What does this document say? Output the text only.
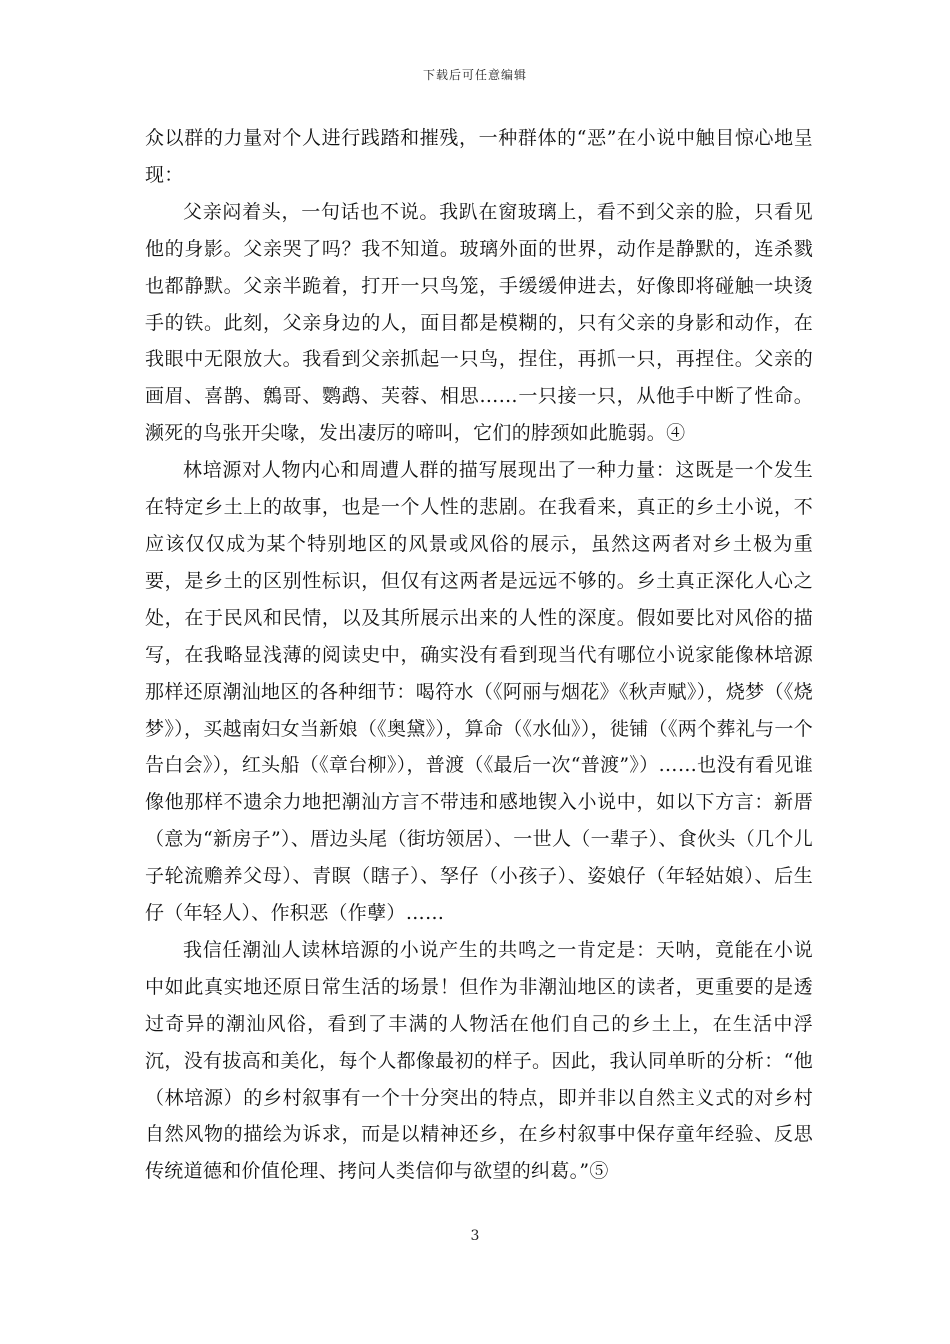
下载后可任意编辑

众以群的力量对个人进行践踏和摧残，一种群体的“恶”在小说中触目惊心地呈现：

父亲闷着头，一句话也不说。我趴在窗玻璃上，看不到父亲的脸，只看见他的身影。父亲哭了吗？我不知道。玻璃外面的世界，动作是静默的，连杀戮也都静默。父亲半跪着，打开一只鸟笼，手缓缓伸进去，好像即将碰触一块烫手的铁。此刻，父亲身边的人，面目都是模糊的，只有父亲的身影和动作，在我眼中无限放大。我看到父亲抓起一只鸟，捏住，再抓一只，再捏住。父亲的画眉、喜鹊、鷯哥、鹦鹉、芙蓉、相思……一只接一只，从他手中断了性命。濒死的鸟张开尖喙，发出凄厉的啼叫，它们的脖颈如此脆弱。④

林培源对人物内心和周遭人群的描写展现出了一种力量：这既是一个发生在特定乡土上的故事，也是一个人性的悲剧。在我看来，真正的乡土小说，不应该仅仅成为某个特别地区的风景或风俗的展示，虽然这两者对乡土极为重要，是乡土的区别性标识，但仅有这两者是远远不够的。乡土真正深化人心之处，在于民风和民情，以及其所展示出来的人性的深度。假如要比对风俗的描写，在我略显浅薄的阅读史中，确实没有看到现当代有哪位小说家能像林培源那样还原潮汕地区的各种细节：喝符水（《阿丽与烟花》《秋声赋》），烧梦（《烧梦》），买越南妇女当新娘（《奥黛》），算命（《水仙》），徙铺（《两个葬礼与一个告白会》），红头船（《章台柳》），普渡（《最后一次“普渡”》）……也没有看见谁像他那样不遗余力地把潮汕方言不带违和感地锲入小说中，如以下方言：新厝（意为“新房子”）、厝边头尾（街坊领居）、一世人（一辈子）、食伙头（几个儿子轮流赡养父母）、青瞑（瞎子）、孥仔（小孩子）、姿娘仔（年轻姑娘）、后生仔（年轻人）、作积恶（作孽）……

我信任潮汕人读林培源的小说产生的共鸣之一肯定是：天呐，竟能在小说中如此真实地还原日常生活的场景！但作为非潮汕地区的读者，更重要的是透过奇异的潮汕风俗，看到了丰满的人物活在他们自己的乡土上，在生活中浮沉，没有拔高和美化，每个人都像最初的样子。因此，我认同单昕的分析：“他（林培源）的乡村叙事有一个十分突出的特点，即并非以自然主义式的对乡村自然风物的描绘为诉求，而是以精神还乡，在乡村叙事中保存童年经验、反思传统道德和价值伦理、拷问人类信仰与欲望的纠葛。”⑤

3
